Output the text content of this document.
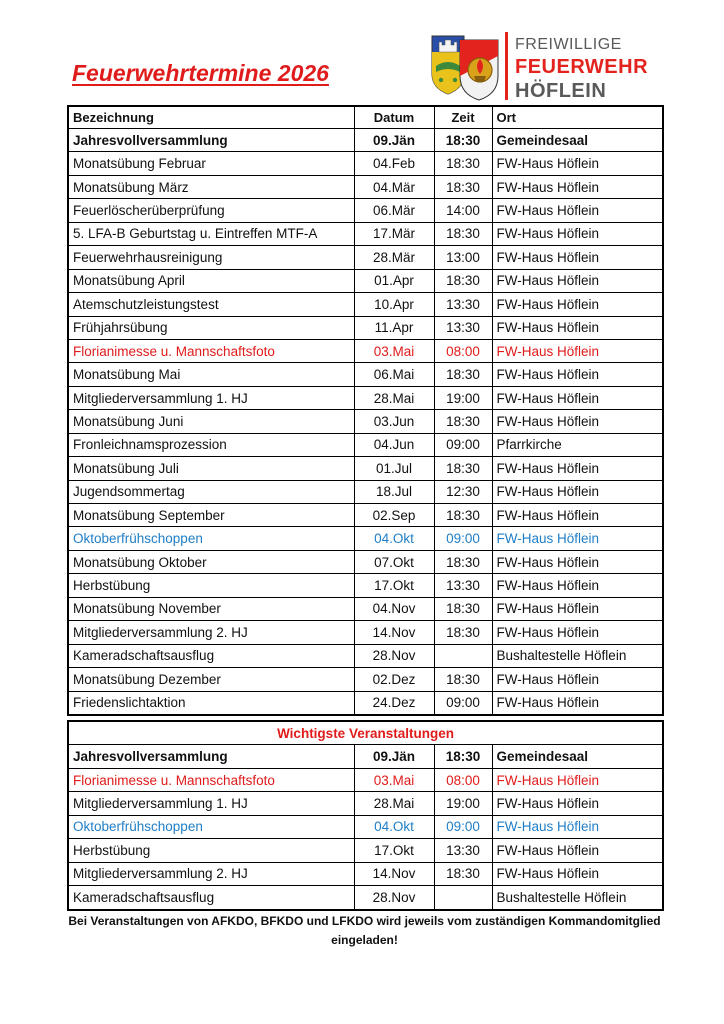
Feuerwehrtermine 2026
FREIWILLIGE
FEUERWEHR
HÖFLEIN
Bezeichnung	Datum	Zeit	Ort
Jahresvollversammlung	09.Jän	18:30	Gemeindesaal
Monatsübung Februar	04.Feb	18:30	FW-Haus Höflein
Monatsübung März	04.Mär	18:30	FW-Haus Höflein
Feuerlöscherüberprüfung	06.Mär	14:00	FW-Haus Höflein
5. LFA-B Geburtstag u. Eintreffen MTF-A	17.Mär	18:30	FW-Haus Höflein
Feuerwehrhausreinigung	28.Mär	13:00	FW-Haus Höflein
Monatsübung April	01.Apr	18:30	FW-Haus Höflein
Atemschutzleistungstest	10.Apr	13:30	FW-Haus Höflein
Frühjahrsübung	11.Apr	13:30	FW-Haus Höflein
Florianimesse u. Mannschaftsfoto	03.Mai	08:00	FW-Haus Höflein
Monatsübung Mai	06.Mai	18:30	FW-Haus Höflein
Mitgliederversammlung 1. HJ	28.Mai	19:00	FW-Haus Höflein
Monatsübung Juni	03.Jun	18:30	FW-Haus Höflein
Fronleichnamsprozession	04.Jun	09:00	Pfarrkirche
Monatsübung Juli	01.Jul	18:30	FW-Haus Höflein
Jugendsommertag	18.Jul	12:30	FW-Haus Höflein
Monatsübung September	02.Sep	18:30	FW-Haus Höflein
Oktoberfrühschoppen	04.Okt	09:00	FW-Haus Höflein
Monatsübung Oktober	07.Okt	18:30	FW-Haus Höflein
Herbstübung	17.Okt	13:30	FW-Haus Höflein
Monatsübung November	04.Nov	18:30	FW-Haus Höflein
Mitgliederversammlung 2. HJ	14.Nov	18:30	FW-Haus Höflein
Kameradschaftsausflug	28.Nov		Bushaltestelle Höflein
Monatsübung Dezember	02.Dez	18:30	FW-Haus Höflein
Friedenslichtaktion	24.Dez	09:00	FW-Haus Höflein
Wichtigste Veranstaltungen			
Jahresvollversammlung	09.Jän	18:30	Gemeindesaal
Florianimesse u. Mannschaftsfoto	03.Mai	08:00	FW-Haus Höflein
Mitgliederversammlung 1. HJ	28.Mai	19:00	FW-Haus Höflein
Oktoberfrühschoppen	04.Okt	09:00	FW-Haus Höflein
Herbstübung	17.Okt	13:30	FW-Haus Höflein
Mitgliederversammlung 2. HJ	14.Nov	18:30	FW-Haus Höflein
Kameradschaftsausflug	28.Nov		Bushaltestelle Höflein

Bei Veranstaltungen von AFKDO, BFKDO und LFKDO wird jeweils vom zuständigen Kommandomitglied
eingeladen!
